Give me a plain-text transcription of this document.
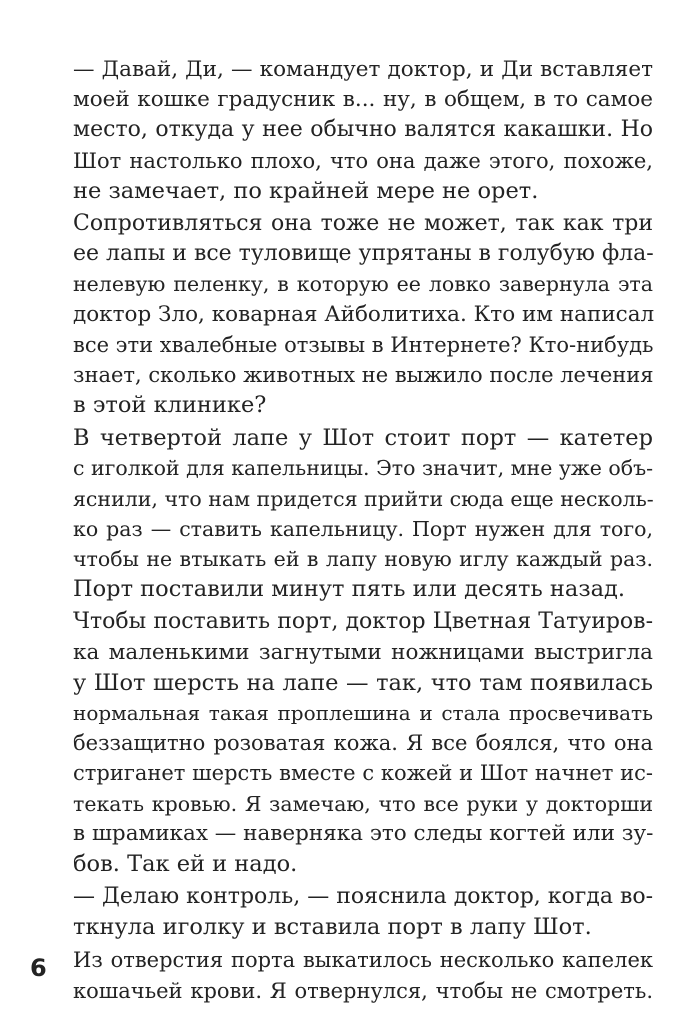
— Давай, Ди, — командует доктор, и Ди вставляет
моей кошке градусник в... ну, в общем, в то самое
место, откуда у нее обычно валятся какашки. Но
Шот настолько плохо, что она даже этого, похоже,
не замечает, по крайней мере не орет.
Сопротивляться она тоже не может, так как три
ее лапы и все туловище упрятаны в голубую фла-
нелевую пеленку, в которую ее ловко завернула эта
доктор Зло, коварная Айболитиха. Кто им написал
все эти хвалебные отзывы в Интернете? Кто-нибудь
знает, сколько животных не выжило после лечения
в этой клинике?
В четвертой лапе у Шот стоит порт — катетер
с иголкой для капельницы. Это значит, мне уже объ-
яснили, что нам придется прийти сюда еще несколь-
ко раз — ставить капельницу. Порт нужен для того,
чтобы не втыкать ей в лапу новую иглу каждый раз.
Порт поставили минут пять или десять назад.
Чтобы поставить порт, доктор Цветная Татуиров-
ка маленькими загнутыми ножницами выстригла
у Шот шерсть на лапе — так, что там появилась
нормальная такая проплешина и стала просвечивать
беззащитно розоватая кожа. Я все боялся, что она
стриганет шерсть вместе с кожей и Шот начнет ис-
текать кровью. Я замечаю, что все руки у докторши
в шрамиках — наверняка это следы когтей или зу-
бов. Так ей и надо.
— Делаю контроль, — пояснила доктор, когда во-
ткнула иголку и вставила порт в лапу Шот.
Из отверстия порта выкатилось несколько капелек
кошачьей крови. Я отвернулся, чтобы не смотреть.
6
